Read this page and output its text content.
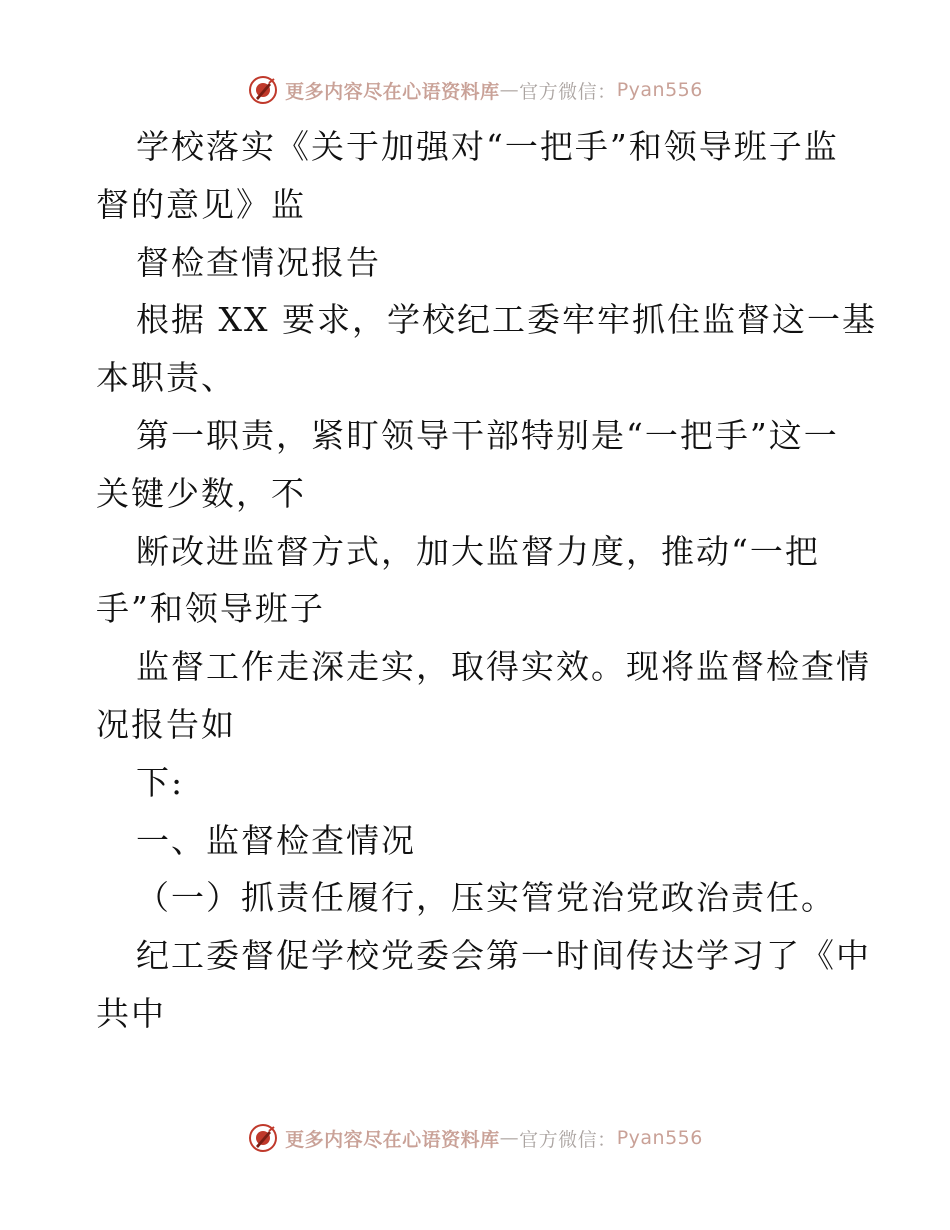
更多内容尽在心语资料库 — 官方微信： Pyan556
学校落实《关于加强对“一把手”和领导班子监
督的意见》监
督检查情况报告
根据 XX 要求，学校纪工委牢牢抓住监督这一基
本职责、
第一职责，紧盯领导干部特别是“一把手”这一
关键少数，不
断改进监督方式，加大监督力度，推动“一把
手”和领导班子
监督工作走深走实，取得实效。现将监督检查情
况报告如
下:
一、监督检查情况
（一）抓责任履行，压实管党治党政治责任。
纪工委督促学校党委会第一时间传达学习了《中
共中
更多内容尽在心语资料库 — 官方微信： Pyan556
